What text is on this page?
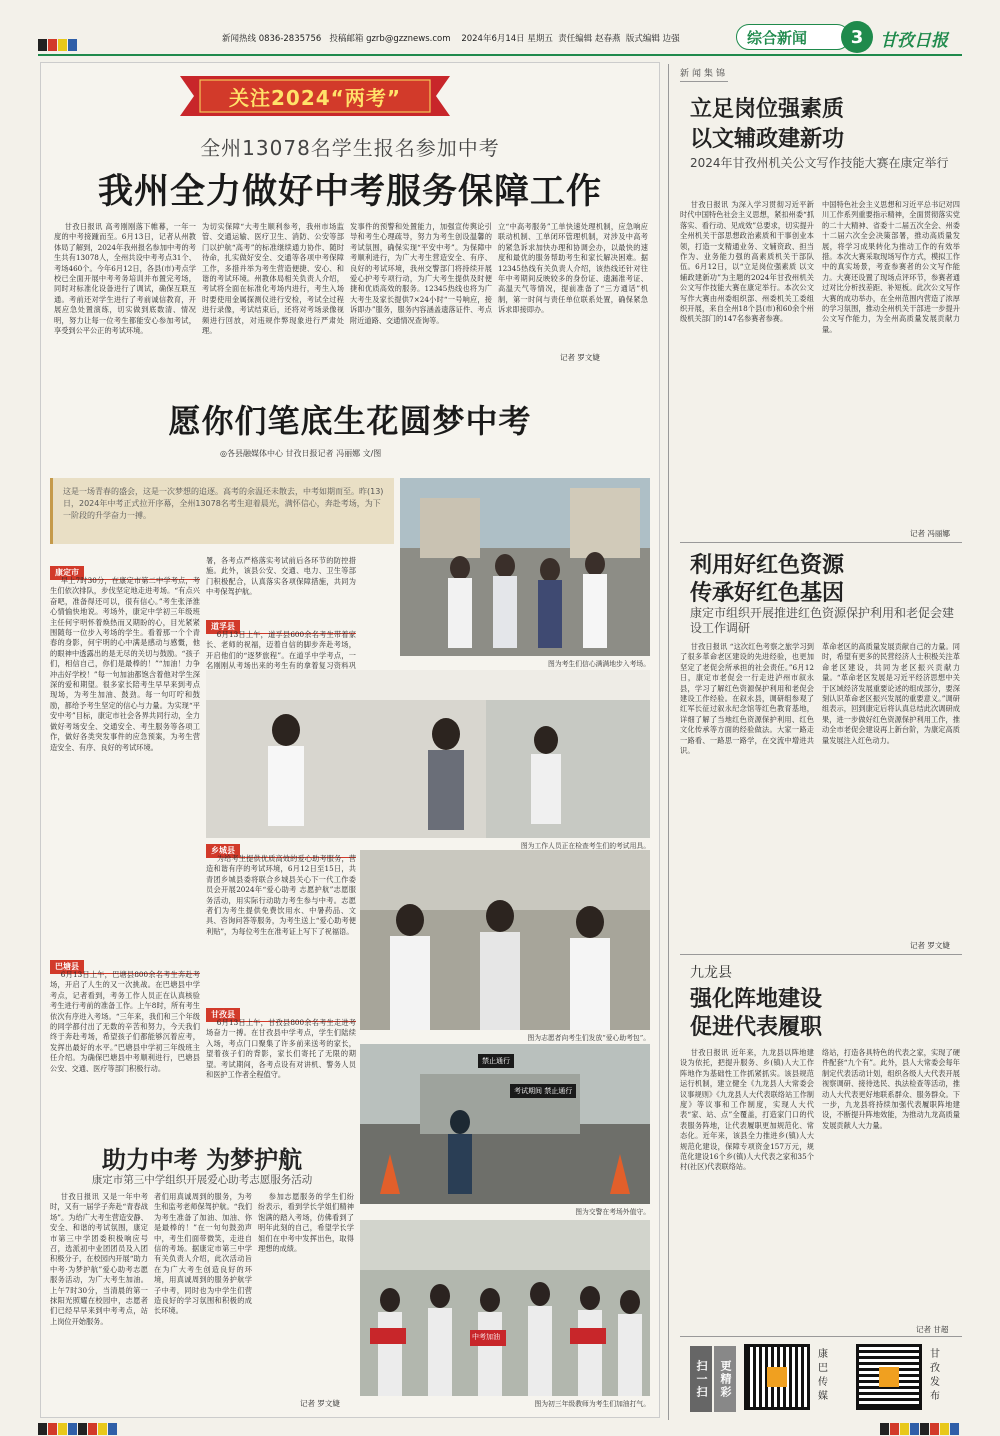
新闻热线 0836-2835756 投稿邮箱 gzrb@gzznews.com 2024年6月14日 星期五 责任编辑 赵春燕 版式编辑 边强	综合新闻 3 甘孜日报
关注2024“两考”
全州13078名学生报名参加中考
我州全力做好中考服务保障工作
甘孜日报讯 高考刚刚落下帷幕，一年一度的中考接踵而至。6月13日，记者从州教体局了解到，2024年我州报名参加中考的考生共有13078人，全州共设中考考点31个、考场460个。今年6月12日，各县(市)考点学校已全面开展中考考务培训并布置完考场，同时对标准化设备进行了调试，确保互联互通。考前还对学生进行了考前诚信教育，开展应急处置演练，切实做到底数清、情况明，努力让每一位考生都能安心参加考试，享受到公平公正的考试环境。
为切实保障“大考生顺利参考，我州市场监管、交通运输、医疗卫生、消防、公安等部门以护航“高考”的标准继续通力协作、随时待命，扎实做好安全、交通等各项中考保障工作，多措并举为考生营造便捷、安心、和谐的考试环境。州教体局相关负责人介绍，考试将全面在标准化考场内进行，考生入场时要使用金属探测仪进行安检，考试全过程进行录像，考试结束后，还将对考场录像视频进行回放，对违规作弊现象进行严肃处理。
发事件的预警和处置能力，加强宣传舆论引导和考生心理疏导，努力为考生创设温馨的考试氛围，确保实现“平安中考”。为保障中考顺利进行，为广大考生营造安全、有序、良好的考试环境，我州交警部门将持续开展爱心护考专项行动，为广大考生提供及时便捷和优质高效的服务。12345热线也将为广大考生及家长提供7×24小时“一号响应，接诉即办”服务，服务内容涵盖遗落证件、考点附近道路、交通情况查询等。
立“中高考服务”工单快速处理机制，应急响应联动机制、工单闭环管理机制，对涉及中高考的紧急诉求加快办理和协调会办，以最快的速度和最优的服务帮助考生和家长解决困难。据12345热线有关负责人介绍，该热线还针对往年中考期间反映较多的身份证、遗漏准考证、高温天气等情况，提前准备了“三方通话”机制，第一时间与责任单位联系处置，确保紧急诉求即接即办。
记者 罗文婕
愿你们笔底生花圆梦中考
◎各县融媒体中心 甘孜日报记者 冯丽娜 文/图
这是一场青春的盛会，这是一次梦想的追逐。高考的余温还未散去，中考如期而至。昨(13)日，2024年中考正式拉开序幕，全州13078名考生迎着晨光，满怀信心，奔赴考场，为下一阶段的升学奋力一搏。
康定市
早上7时30分，在康定市第二中学考点，考生们依次排队，步伐坚定地走进考场。“有点兴奋吧，准备得还可以，很有信心。”考生张泽淮心情愉快地说。考场外，康定中学初三年级班主任何宇明怀着焕热而又期盼的心，目光紧紧围随每一位步入考场的学生。看着那一个个青春的身影，何宇明的心中满是感动与感慨，他的眼神中透露出的是无尽的关切与鼓励。“孩子们，相信自己，你们是最棒的！”“加油！力争冲击好学校！”每一句加油都饱含着他对学生深深的爱和期望。很多家长陪考生早早来到考点现场，为考生加油、鼓劲。每一句叮咛和鼓励，都给予考生坚定的信心与力量。为实现“平安中考”目标，康定市社会各界共同行动，全力做好考场安全、交通安全、考生服务等各项工作，做好各类突发事件的应急预案，为考生营造安全、有序、良好的考试环境。
巴塘县
6月13日上午，巴塘县800余名考生奔赴考场，开启了人生的又一次挑战。在巴塘县中学考点，记者看到，考务工作人员正在认真核验考生进行考前的准备工作。上午8时，所有考生依次有序进入考场。“三年来，我们和三个年级的同学都付出了无数的辛苦和努力，今天我们终于奔赴考场，希望孩子们都能够沉着应考，发挥出最好的水平。”巴塘县中学初三年级班主任介绍。为确保巴塘县中考顺利进行，巴塘县公安、交通、医疗等部门积极行动。
署，各考点严格落实考试前后各环节的防控措施。此外，该县公安、交通、电力、卫生等部门积极配合，认真落实各项保障措施，共同为中考保驾护航。
道孚县
6月13日上午，道孚县600余名考生带着家长、老师的祝福，迈着自信的脚步奔赴考场，开启他们的“逐梦旅程”。在道孚中学考点，一名刚刚从考场出来的考生有的拿着复习资料巩
乡城县
为给考生提供优质高效的爱心助考服务，营造和谐有序的考试环境，6月12日至15日，共青团乡城县委将联合乡城县关心下一代工作委员会开展2024年“爱心助考 志愿护航”志愿服务活动，用实际行动助力考生参与中考。志愿者们为考生提供免费饮用水、中暑药品、文具、咨询问答等服务，为考生送上“爱心助考便利贴”，为每位考生在准考证上写下了祝福语。
甘孜县
6月13日上午，甘孜县800余名考生走进考场奋力一搏。在甘孜县中学考点，学生们陆续入场，考点门口聚集了许多前来送考的家长，望着孩子们的背影，家长们寄托了无限的期望。考试期间，各考点设有对讲机、警务人员和医护工作者全程值守。
图为考生们信心满满地步入考场。
图为工作人员正在检查考生们的考试用具。
图为志愿者向考生们发放“爱心助考包”。
禁止通行
考试期间 禁止通行
图为交警在考场外值守。
中考加油
图为初三年级教师为考生们加油打气。
助力中考 为梦护航
康定市第三中学组织开展爱心助考志愿服务活动
甘孜日报讯 又是一年中考时，又有一届学子奔赴“青春战场”。为给广大考生营造安静、安全、和谐的考试氛围，康定市第三中学团委积极响应号召，选派初中业团团员及入团积极分子，在校园内开展“助力中考·为梦护航”爱心助考志愿服务活动，为广大考生加油。上午7时30分，当清晨的第一抹阳光照耀在校园中，志愿者们已经早早来到中考考点，站上岗位开始服务。
者们用真诚周到的服务，为考生和监考老师保驾护航。“我们为考生准备了加油、加油、你是最棒的！”在一句句鼓劲声中，考生们面带微笑，走进自信的考场。据康定市第三中学有关负责人介绍，此次活动旨在为广大考生创造良好的环境，用真诚周到的服务护航学子中考，同时也为中学生们营造良好的学习氛围和积极的成长环境。
参加志愿服务的学生们纷纷表示，看到学长学姐们精神饱满的踏入考场，仿佛看到了明年此刻的自己，希望学长学姐们在中考中发挥出色，取得理想的成绩。
记者 罗文婕
新闻集锦
立足岗位强素质
以文辅政建新功
2024年甘孜州机关公文写作技能大赛在康定举行
甘孜日报讯 为深入学习贯彻习近平新时代中国特色社会主义思想，紧扣州委“抓落实、看行动、见成效”总要求，切实提升全州机关干部思想政治素质和干事创业本领，打造一支精通业务、文辅资政、担当作为、业务能力强的高素质机关干部队伍。6月12日，以“立足岗位强素质 以文辅政建新功”为主题的2024年甘孜州机关公文写作技能大赛在康定举行。本次公文写作大赛由州委组织部、州委机关工委组织开展，来自全州18个县(市)和60余个州级机关部门的147名参赛者参赛。
中国特色社会主义思想和习近平总书记对四川工作系列重要指示精神，全面贯彻落实党的二十大精神、省委十二届五次全会、州委十二届六次全会决策部署，推动高质量发展，将学习成果转化为推动工作的有效举措。本次大赛采取现场写作方式，模拟工作中的真实场景，考查参赛者的公文写作能力。大赛还设置了现场点评环节，参赛者通过对比分析找差距、补短板。此次公文写作大赛的成功举办，在全州范围内营造了浓厚的学习氛围，推动全州机关干部进一步提升公文写作能力，为全州高质量发展贡献力量。
记者 冯丽娜
利用好红色资源
传承好红色基因
康定市组织开展推进红色资源保护利用和老促会建设工作调研
甘孜日报讯 “这次红色考察之旅学习到了很多革命老区建设的先进经验，也更加坚定了老促会所承担的社会责任。”6月12日，康定市老促会一行走进泸州市叙永县，学习了解红色资源保护利用和老促会建设工作经验。在叙永县，调研组参观了红军长征过叙永纪念馆等红色教育基地，详细了解了当地红色资源保护利用、红色文化传承等方面的经验做法。大家一路走一路看、一路思一路学，在交流中增进共识。
革命老区的高质量发展贡献自己的力量。同时，希望有更多的民营经济人士积极关注革命老区建设，共同为老区振兴贡献力量。“革命老区发展是习近平经济思想中关于区域经济发展重要论述的组成部分，要深刻认识革命老区振兴发展的重要意义。”调研组表示，回到康定后将认真总结此次调研成果，进一步做好红色资源保护利用工作，推动全市老促会建设再上新台阶，为康定高质量发展注入红色动力。
记者 罗文婕
九龙县
强化阵地建设
促进代表履职
甘孜日报讯 近年来，九龙县以阵地建设为依托，把提升服务、乡(镇)人大工作阵地作为基础性工作抓紧抓实。该县规范运行机制，建立健全《九龙县人大常委会议事规则》《九龙县人大代表联络站工作制度》等议事和工作制度，实现人大代表“家、站、点”全覆盖，打造家门口的代表服务阵地，让代表履职更加规范化、常态化。近年来，该县全力推进乡(镇)人大规范化建设，保障专项资金157万元，规范化建设16个乡(镇)人大代表之家和35个村(社区)代表联络站。
络站，打造各具特色的代表之家，实现了硬件配套“九个有”。此外，县人大常委会每年制定代表活动计划，组织各级人大代表开展视察调研、接待选民、执法检查等活动，推动人大代表更好地联系群众、服务群众。下一步，九龙县将持续加强代表履职阵地建设，不断提升阵地效能，为推动九龙高质量发展贡献人大力量。
记者 甘超
扫一扫 更精彩
康巴传媒
甘孜发布
